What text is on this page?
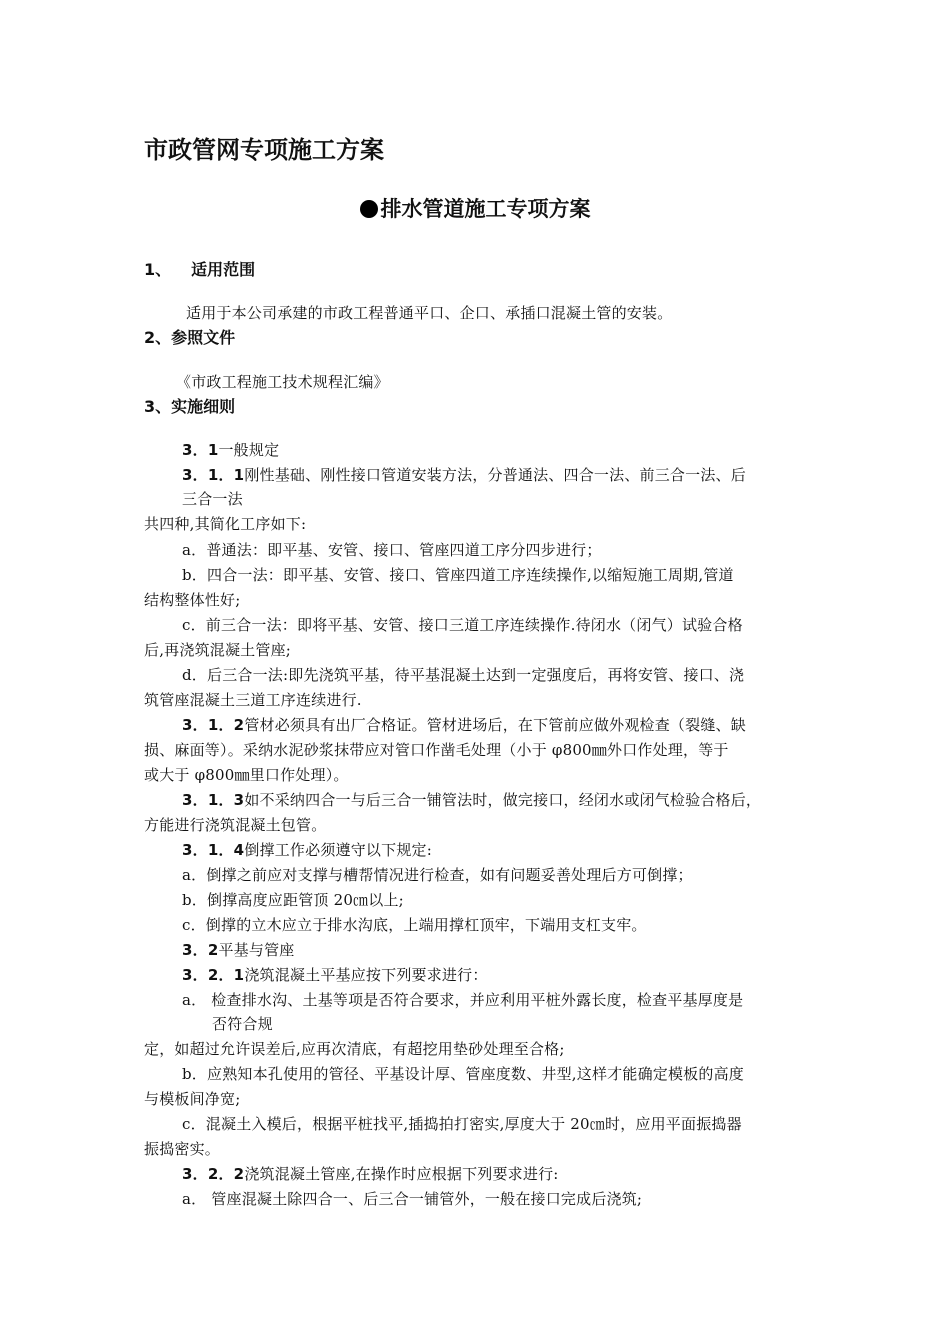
市政管网专项施工方案
排水管道施工专项方案
1、 适用范围
适用于本公司承建的市政工程普通平口、企口、承插口混凝土管的安装。
2、参照文件
《市政工程施工技术规程汇编》
3、实施细则
3．1一般规定
3．1．1刚性基础、刚性接口管道安装方法，分普通法、四合一法、前三合一法、后
三合一法
共四种,其简化工序如下:
a．普通法：即平基、安管、接口、管座四道工序分四步进行；
b．四合一法：即平基、安管、接口、管座四道工序连续操作,以缩短施工周期,管道
结构整体性好;
c．前三合一法：即将平基、安管、接口三道工序连续操作.待闭水（闭气）试验合格
后,再浇筑混凝土管座;
d．后三合一法:即先浇筑平基，待平基混凝土达到一定强度后，再将安管、接口、浇
筑管座混凝土三道工序连续进行.
3．1．2管材必须具有出厂合格证。管材进场后，在下管前应做外观检查（裂缝、缺
损、麻面等）。采纳水泥砂浆抹带应对管口作凿毛处理（小于 φ800㎜外口作处理，等于
或大于 φ800㎜里口作处理）。
3．1．3如不采纳四合一与后三合一铺管法时，做完接口，经闭水或闭气检验合格后，
方能进行浇筑混凝土包管。
3．1．4倒撑工作必须遵守以下规定:
a．倒撑之前应对支撑与槽帮情况进行检查，如有问题妥善处理后方可倒撑；
b．倒撑高度应距管顶 20㎝以上;
c．倒撑的立木应立于排水沟底，上端用撑杠顶牢，下端用支杠支牢。
3．2平基与管座
3．2．1浇筑混凝土平基应按下列要求进行：
a． 检查排水沟、土基等项是否符合要求，并应利用平桩外露长度，检查平基厚度是
否符合规
定，如超过允许误差后,应再次清底，有超挖用垫砂处理至合格;
b．应熟知本孔使用的管径、平基设计厚、管座度数、井型,这样才能确定模板的高度
与模板间净宽;
c．混凝土入模后，根据平桩找平,插捣拍打密实,厚度大于 20㎝时，应用平面振捣器
振捣密实。
3．2．2浇筑混凝土管座,在操作时应根据下列要求进行:
a． 管座混凝土除四合一、后三合一铺管外，一般在接口完成后浇筑;
